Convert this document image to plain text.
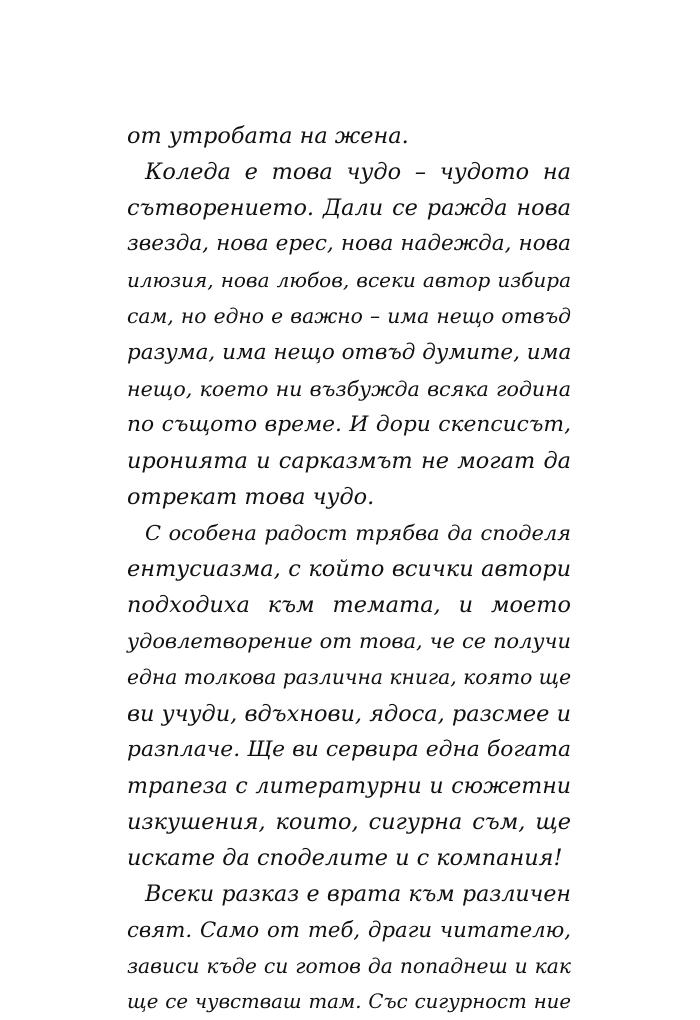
от утробата на жена.
Коледа е това чудо – чудото на
сътворението. Дали се ражда нова
звезда, нова ерес, нова надежда, нова
илюзия, нова любов, всеки автор избира
сам, но едно е важно – има нещо отвъд
разума, има нещо отвъд думите, има
нещо, което ни възбужда всяка година
по същото време. И дори скепсисът,
иронията и сарказмът не могат да
отрекат това чудо.
С особена радост трябва да споделя
ентусиазма, с който всички автори
подходиха към темата, и моето
удовлетворение от това, че се получи
една толкова различна книга, която ще
ви учуди, вдъхнови, ядоса, разсмее и
разплаче. Ще ви сервира една богата
трапеза с литературни и сюжетни
изкушения, които, сигурна съм, ще
искате да споделите и с компания!
Всеки разказ е врата към различен
свят. Само от теб, драги читателю,
зависи къде си готов да попаднеш и как
ще се чувстваш там. Със сигурност ние
